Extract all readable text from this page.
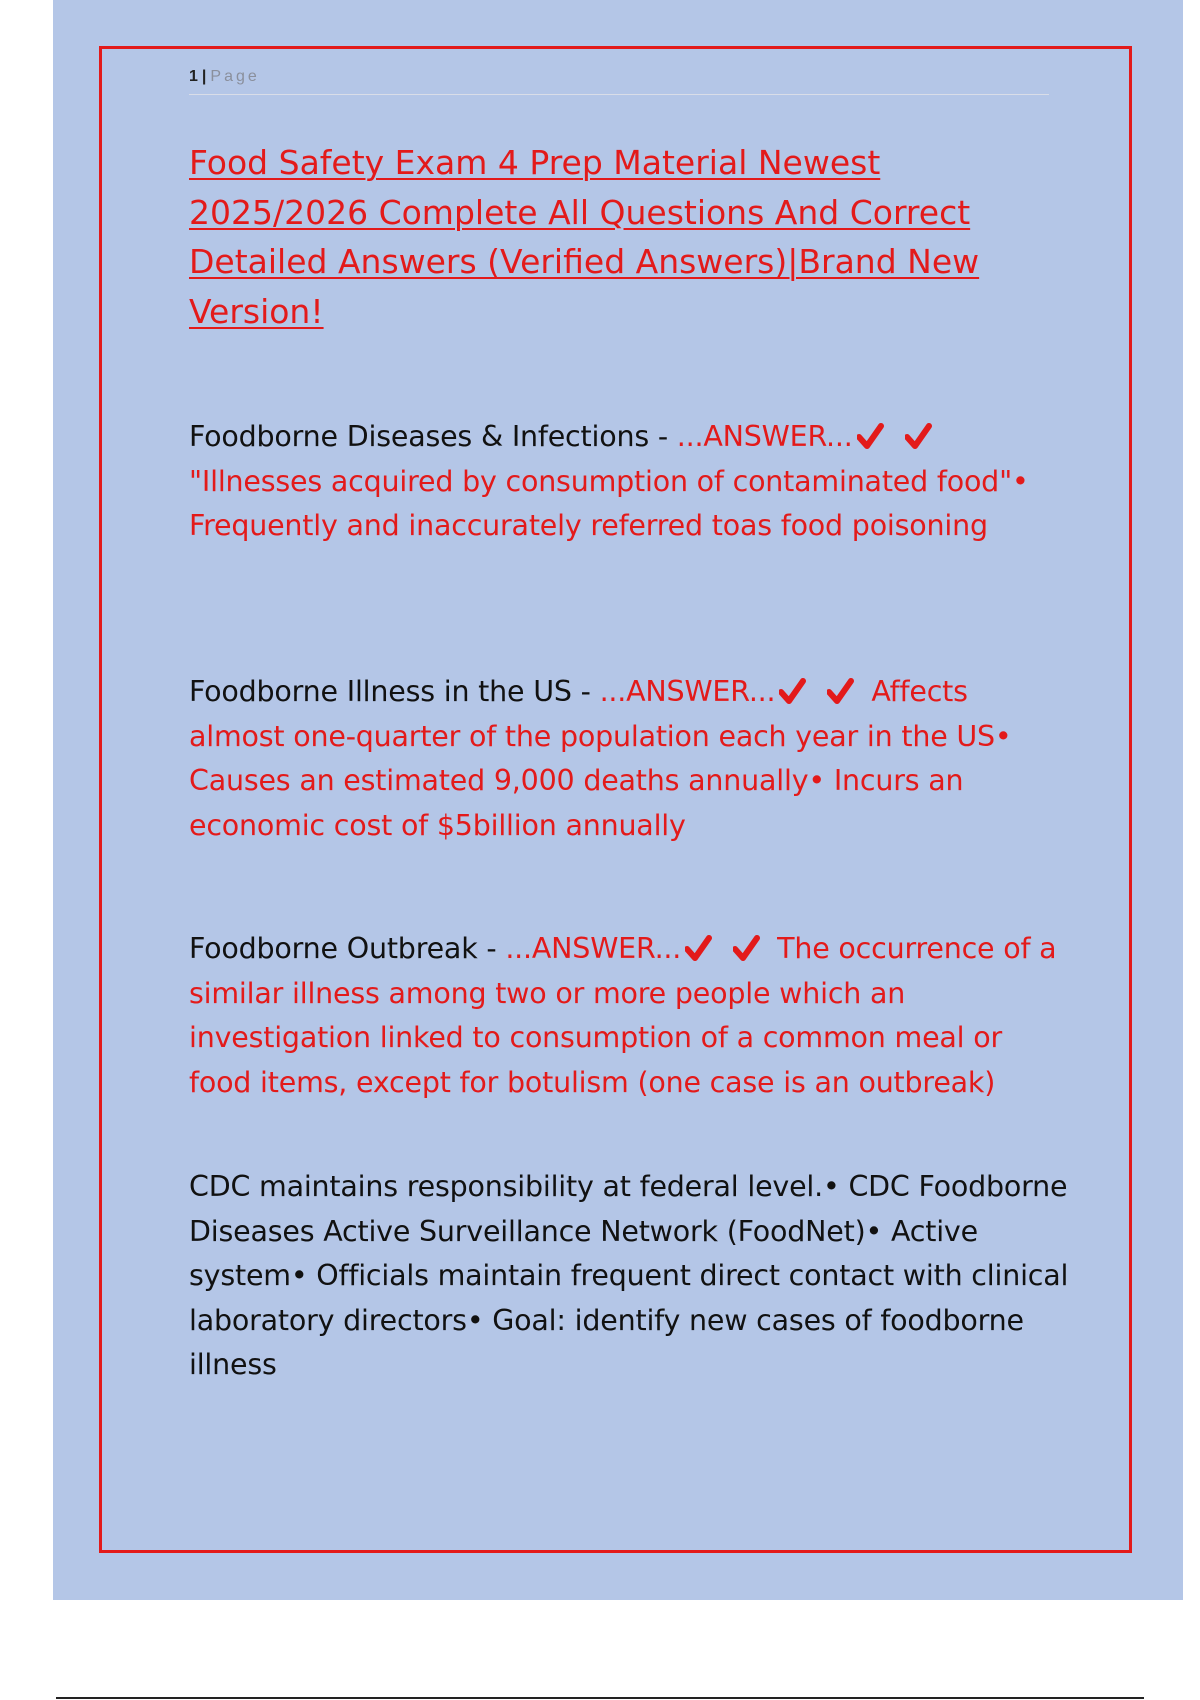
1 | Page
Food Safety Exam 4 Prep Material Newest 2025/2026 Complete All Questions And Correct Detailed Answers (Verified Answers)|Brand New Version!

Foodborne Diseases & Infections - ...ANSWER...
"Illnesses acquired by consumption of contaminated food"• Frequently and inaccurately referred toas food poisoning

Foodborne Illness in the US - ...ANSWER...	Affects almost one-quarter of the population each year in the US• Causes an estimated 9,000 deaths annually• Incurs an economic cost of $5billion annually

Foodborne Outbreak - ...ANSWER...	The occurrence of a similar illness among two or more people which an investigation linked to consumption of a common meal or food items, except for botulism (one case is an outbreak)

CDC maintains responsibility at federal level.• CDC Foodborne Diseases Active Surveillance Network (FoodNet)• Active system• Officials maintain frequent direct contact with clinical laboratory directors• Goal: identify new cases of foodborne illness
